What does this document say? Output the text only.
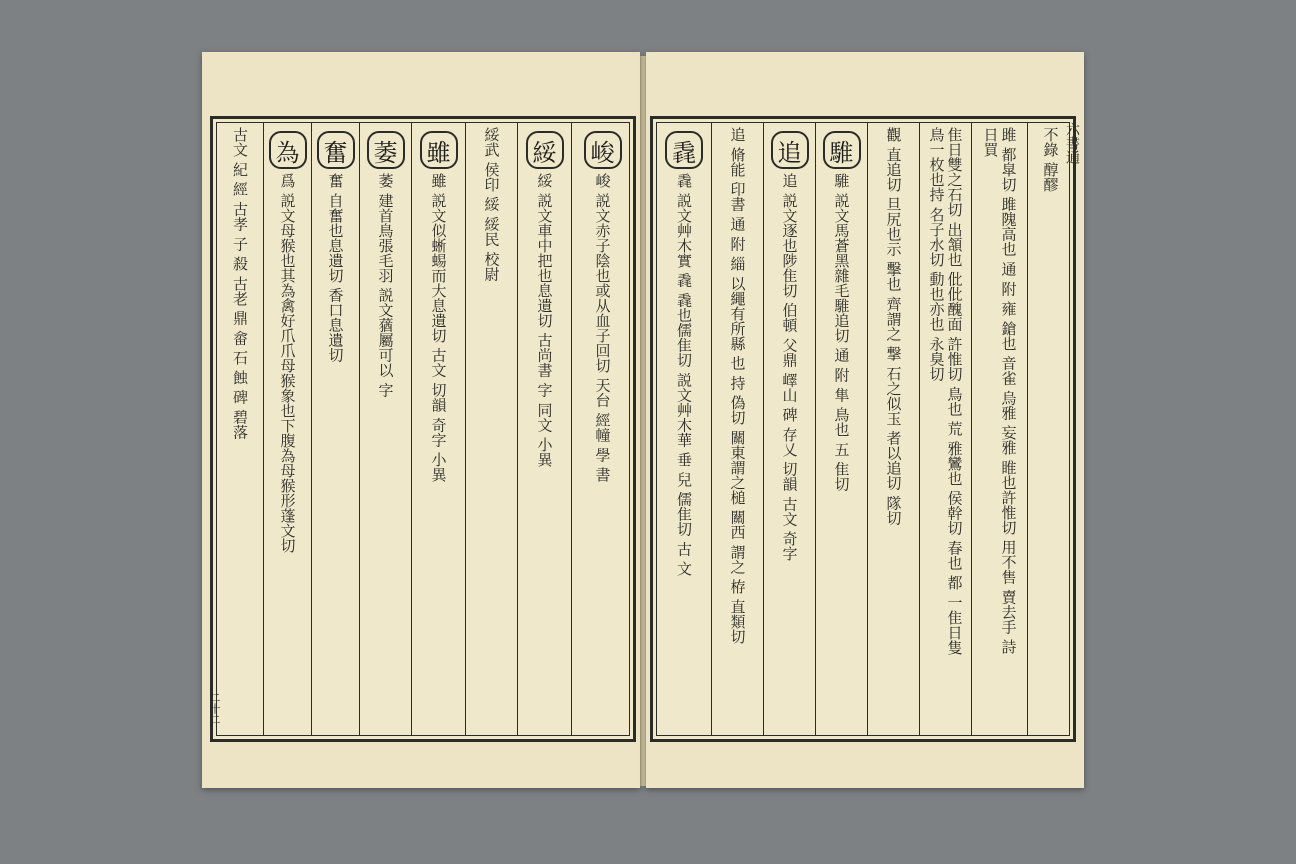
古文 紀 經 古孝 子 殺 古老 鼎 畲 石 蝕 碑 碧落 為
爲 説文母猴也其為禽好爪爪母猴象也下腹為母猴形蓬文切
奮
奮 自奮也息遺切 香口息遺切
萎
萎 建首鳥張毛羽 説文蕕屬可以 字
雖
雖 説文似蜥蜴而大息遺切 古文 切韻 奇字 小異 綏武 侯印 綏 綏民 校尉 綏
綏 説文車中把也息遺切 古尚書 字 同文 小異
峻
峻 説文赤子陰也或从血子回切 天台 經幢 學 書
二十二
毳
毳 説文艸木實 毳 毳也儒隹切 説文艸木華 垂 兒 儒隹切 古 文 追 脩能 印書 通 附 緇 以繩有所縣 也 持 偽切 關東謂之槌 關西 謂之 栫 直類切 追
追 説文逐也陟隹切 伯頓 父鼎 嶧山 碑 存乂 切韻 古文 奇字
騅
騅 説文馬蒼黑雜毛騅追切 通 附 隼 鳥也 五 隹切 觀 直追切 旦尻也示 擊也 齊謂之 撃 石之似玉 者以追切 隊切	隹日雙之石切 出頷也 仳仳醜面 許惟切 鳥也 荒 雅鸞也 侯幹切 春也 都 一隹日隻 鳥一枚也持 名子水切 動也亦也 永臭切	雎 都皐切 雎隗高也 通 附 雍 鎗也 音雀 烏雅 妄雅 睢也許惟切 用不售 賣去手 詩日買	不錄 醇醪 六書通
